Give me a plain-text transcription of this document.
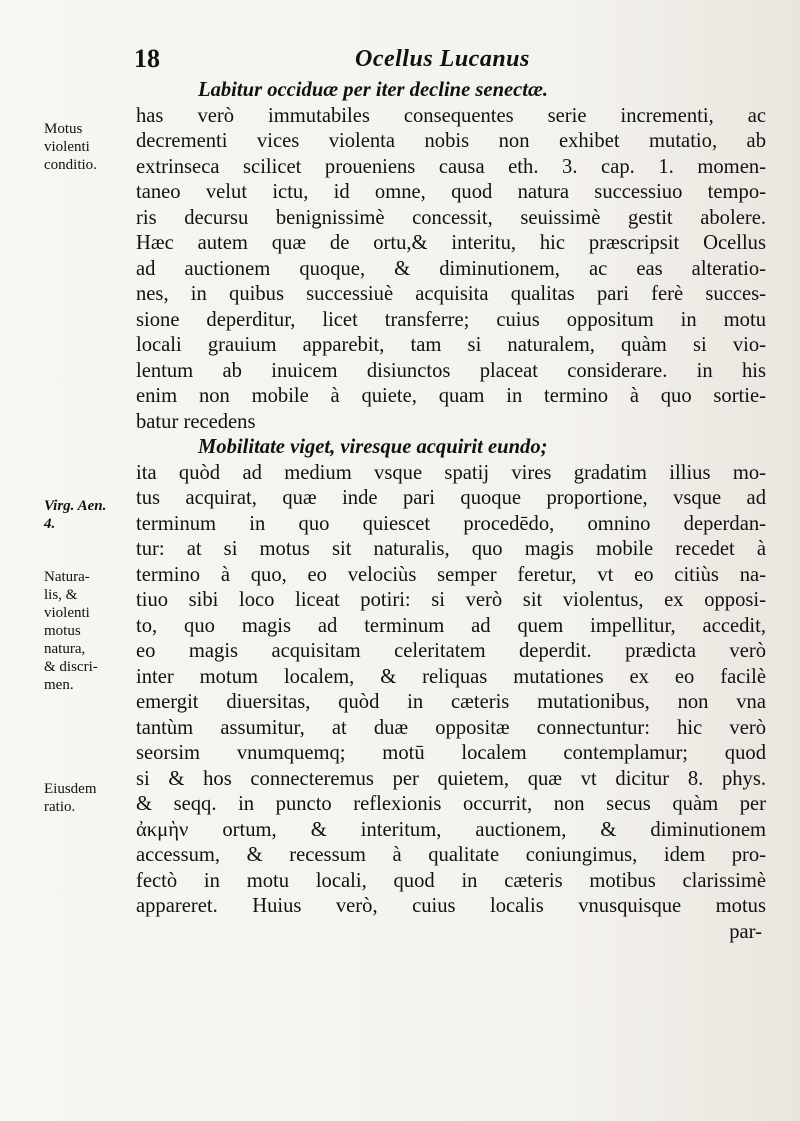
18	Ocellus Lucanus
Labitur occiduæ per iter decline senectæ.
has verò immutabiles consequentes serie incrementi, ac
decrementi vices violenta nobis non exhibet mutatio, ab
extrinseca scilicet proueniens causa eth. 3. cap. 1. momen-
taneo velut ictu, id omne, quod natura successiuo tempo-
ris decursu benignissimè concessit, seuissimè gestit abolere.
Hæc autem quæ de ortu,& interitu, hic præscripsit Ocellus
ad auctionem quoque, & diminutionem, ac eas alteratio-
nes, in quibus successiuè acquisita qualitas pari ferè succes-
sione deperditur, licet transferre; cuius oppositum in motu
locali grauium apparebit, tam si naturalem, quàm si vio-
lentum ab inuicem disiunctos placeat considerare. in his
enim non mobile à quiete, quam in termino à quo sortie-
batur recedens
Mobilitate viget, viresque acquirit eundo;
ita quòd ad medium vsque spatij vires gradatim illius mo-
tus acquirat, quæ inde pari quoque proportione, vsque ad
terminum in quo quiescet procedēdo, omnino deperdan-
tur: at si motus sit naturalis, quo magis mobile recedet à
termino à quo, eo velociùs semper feretur, vt eo citiùs na-
tiuo sibi loco liceat potiri: si verò sit violentus, ex opposi-
to, quo magis ad terminum ad quem impellitur, accedit,
eo magis acquisitam celeritatem deperdit. prædicta verò
inter motum localem, & reliquas mutationes ex eo facilè
emergit diuersitas, quòd in cæteris mutationibus, non vna
tantùm assumitur, at duæ oppositæ connectuntur: hic verò
seorsim vnumquemq; motū localem contemplamur; quod
si & hos connecteremus per quietem, quæ vt dicitur 8. phys.
& seqq. in puncto reflexionis occurrit, non secus quàm per
ἀκμὴν ortum, & interitum, auctionem, & diminutionem
accessum, & recessum à qualitate coniungimus, idem pro-
fectò in motu locali, quod in cæteris motibus clarissimè
appareret. Huius verò, cuius localis vnusquisque motus
par-
Motus
violenti
conditio.
Virg. Aen.
4.
Natura-
lis, &
violenti
motus
natura,
& discri-
men.
Eiusdem
ratio.
